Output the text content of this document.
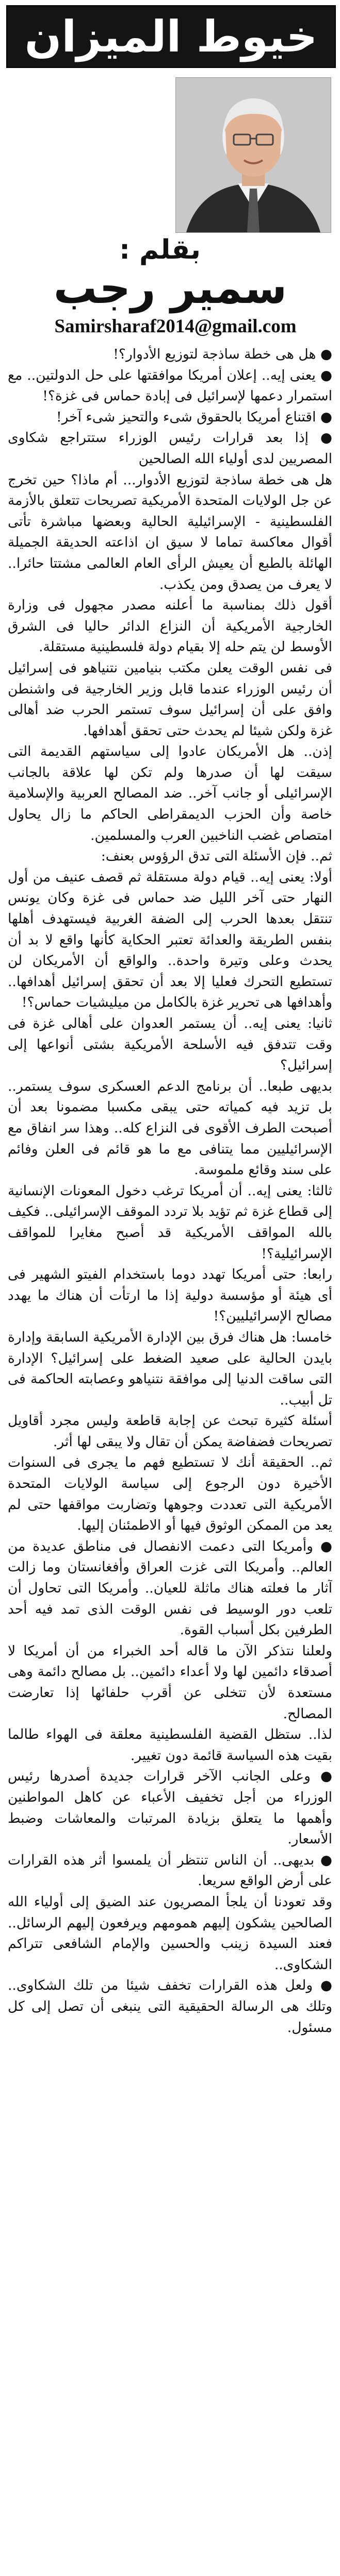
خيوط الميزان
بقلم :
سمير رجب
Samirsharaf2014@gmail.com

● هل هى خطة ساذجة لتوزيع الأدوار؟!

● يعنى إيه.. إعلان أمريكا موافقتها على حل الدولتين.. مع استمرار دعمها لإسرائيل فى إبادة حماس فى غزة؟!

● اقتناع أمريكا بالحقوق شىء والتحيز شىء آخر!

● إذا بعد قرارات رئيس الوزراء ستتراجع شكاوى المصريين لدى أولياء الله الصالحين

هل هى خطة ساذجة لتوزيع الأدوار... أم ماذا؟ حين تخرج عن جل الولايات المتحدة الأمريكية تصريحات تتعلق بالأزمة الفلسطينية - الإسرائيلية الحالية وبعضها مباشرة تأتى أقوال معاكسة تماما لا سيق ان اذاعته الحديقة الجميلة الهائلة بالطبع أن يعيش الرأى العام العالمى مشتتا حائرا.. لا يعرف من يصدق ومن يكذب.

أقول ذلك بمناسبة ما أعلنه مصدر مجهول فى وزارة الخارجية الأمريكية أن النزاع الدائر حاليا فى الشرق الأوسط لن يتم حله إلا بقيام دولة فلسطينية مستقلة.

فى نفس الوقت يعلن مكتب بنيامين نتنياهو فى إسرائيل أن رئيس الوزراء عندما قابل وزير الخارجية فى واشنطن وافق على أن إسرائيل سوف تستمر الحرب ضد أهالى غزة ولكن شيئا لم يحدث حتى تحقق أهدافها.

إذن.. هل الأمريكان عادوا إلى سياستهم القديمة التى سيقت لها أن صدرها ولم تكن لها علاقة بالجانب الإسرائيلى أو جانب آخر.. ضد المصالح العربية والإسلامية خاصة وأن الحزب الديمقراطى الحاكم ما زال يحاول امتصاص غضب الناخبين العرب والمسلمين.

ثم.. فإن الأسئلة التى تدق الرؤوس بعنف:

أولا: يعنى إيه.. قيام دولة مستقلة ثم قصف عنيف من أول النهار حتى آخر الليل ضد حماس فى غزة وكان يونس تنتقل بعدها الحرب إلى الضفة الغربية فيستهدف أهلها بنفس الطريقة والعدائة تعتبر الحكاية كأنها واقع لا بد أن يحدث وعلى وتيرة واحدة.. والواقع أن الأمريكان لن تستطيع التحرك فعليا إلا بعد أن تحقق إسرائيل أهدافها.. وأهدافها هى تحرير غزة بالكامل من ميليشيات حماس؟!

ثانيا: يعنى إيه.. أن يستمر العدوان على أهالى غزة فى وقت تتدفق فيه الأسلحة الأمريكية بشتى أنواعها إلى إسرائيل؟

بديهى طبعا.. أن برنامج الدعم العسكرى سوف يستمر.. بل تزيد فيه كمياته حتى يبقى مكسبا مضمونا بعد أن أصبحت الطرف الأقوى فى النزاع كله.. وهذا سر انفاق مع الإسرائيليين مما يتنافى مع ما هو قائم فى العلن وفائم على سند وقائع ملموسة.

ثالثا: يعنى إيه.. أن أمريكا ترغب دخول المعونات الإنسانية إلى قطاع غزة ثم تؤيد بلا تردد الموقف الإسرائيلى.. فكيف بالله المواقف الأمريكية قد أصبح مغايرا للمواقف الإسرائيلية؟!

رابعا: حتى أمريكا تهدد دوما باستخدام الفيتو الشهير فى أى هيئة أو مؤسسة دولية إذا ما ارتأت أن هناك ما يهدد مصالح الإسرائيليين؟!

خامسا: هل هناك فرق بين الإدارة الأمريكية السابقة وإدارة بايدن الحالية على صعيد الضغط على إسرائيل؟ الإدارة التى ساقت الدنيا إلى موافقة نتنياهو وعصابته الحاكمة فى تل أبيب..

أسئلة كثيرة تبحث عن إجابة قاطعة وليس مجرد أقاويل تصريحات فضفاضة يمكن أن تقال ولا يبقى لها أثر.

ثم.. الحقيقة أنك لا تستطيع فهم ما يجرى فى السنوات الأخيرة دون الرجوع إلى سياسة الولايات المتحدة الأمريكية التى تعددت وجوهها وتضاربت مواقفها حتى لم يعد من الممكن الوثوق فيها أو الاطمئنان إليها.

● وأمريكا التى دعمت الانفصال فى مناطق عديدة من العالم.. وأمريكا التى غزت العراق وأفغانستان وما زالت آثار ما فعلته هناك ماثلة للعيان.. وأمريكا التى تحاول أن تلعب دور الوسيط فى نفس الوقت الذى تمد فيه أحد الطرفين بكل أسباب القوة.

ولعلنا نتذكر الآن ما قاله أحد الخبراء من أن أمريكا لا أصدقاء دائمين لها ولا أعداء دائمين.. بل مصالح دائمة وهى مستعدة لأن تتخلى عن أقرب حلفائها إذا تعارضت المصالح.

لذا.. ستظل القضية الفلسطينية معلقة فى الهواء طالما بقيت هذه السياسة قائمة دون تغيير.

● وعلى الجانب الآخر قرارات جديدة أصدرها رئيس الوزراء من أجل تخفيف الأعباء عن كاهل المواطنين وأهمها ما يتعلق بزيادة المرتبات والمعاشات وضبط الأسعار.

● بديهى.. أن الناس تنتظر أن يلمسوا أثر هذه القرارات على أرض الواقع سريعا.

وقد تعودنا أن يلجأ المصريون عند الضيق إلى أولياء الله الصالحين يشكون إليهم همومهم ويرفعون إليهم الرسائل.. فعند السيدة زينب والحسين والإمام الشافعى تتراكم الشكاوى..

● ولعل هذه القرارات تخفف شيئا من تلك الشكاوى.. وتلك هى الرسالة الحقيقية التى ينبغى أن تصل إلى كل مسئول.
